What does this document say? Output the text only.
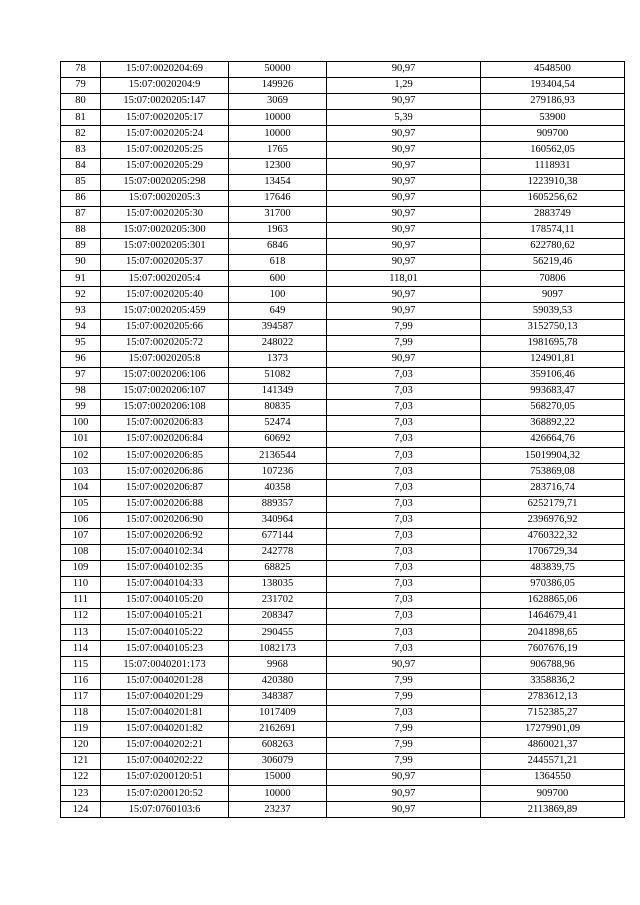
78	15:07:0020204:69	50000	90,97	4548500
79	15:07:0020204:9	149926	1,29	193404,54
80	15:07:0020205:147	3069	90,97	279186,93
81	15:07:0020205:17	10000	5,39	53900
82	15:07:0020205:24	10000	90,97	909700
83	15:07:0020205:25	1765	90,97	160562,05
84	15:07:0020205:29	12300	90,97	1118931
85	15:07:0020205:298	13454	90,97	1223910,38
86	15:07:0020205:3	17646	90,97	1605256,62
87	15:07:0020205:30	31700	90,97	2883749
88	15:07:0020205:300	1963	90,97	178574,11
89	15:07:0020205:301	6846	90,97	622780,62
90	15:07:0020205:37	618	90,97	56219,46
91	15:07:0020205:4	600	118,01	70806
92	15:07:0020205:40	100	90,97	9097
93	15:07:0020205:459	649	90,97	59039,53
94	15:07:0020205:66	394587	7,99	3152750,13
95	15:07:0020205:72	248022	7,99	1981695,78
96	15:07:0020205:8	1373	90,97	124901,81
97	15:07:0020206:106	51082	7,03	359106,46
98	15:07:0020206:107	141349	7,03	993683,47
99	15:07:0020206:108	80835	7,03	568270,05
100	15:07:0020206:83	52474	7,03	368892,22
101	15:07:0020206:84	60692	7,03	426664,76
102	15:07:0020206:85	2136544	7,03	15019904,32
103	15:07:0020206:86	107236	7,03	753869,08
104	15:07:0020206:87	40358	7,03	283716,74
105	15:07:0020206:88	889357	7,03	6252179,71
106	15:07:0020206:90	340964	7,03	2396976,92
107	15:07:0020206:92	677144	7,03	4760322,32
108	15:07:0040102:34	242778	7,03	1706729,34
109	15:07:0040102:35	68825	7,03	483839,75
110	15:07:0040104:33	138035	7,03	970386,05
111	15:07:0040105:20	231702	7,03	1628865,06
112	15:07:0040105:21	208347	7,03	1464679,41
113	15:07:0040105:22	290455	7,03	2041898,65
114	15:07:0040105:23	1082173	7,03	7607676,19
115	15:07:0040201:173	9968	90,97	906788,96
116	15:07:0040201:28	420380	7,99	3358836,2
117	15:07:0040201:29	348387	7,99	2783612,13
118	15:07:0040201:81	1017409	7,03	7152385,27
119	15:07:0040201:82	2162691	7,99	17279901,09
120	15:07:0040202:21	608263	7,99	4860021,37
121	15:07:0040202:22	306079	7,99	2445571,21
122	15:07:0200120:51	15000	90,97	1364550
123	15:07:0200120:52	10000	90,97	909700
124	15:07:0760103:6	23237	90,97	2113869,89
